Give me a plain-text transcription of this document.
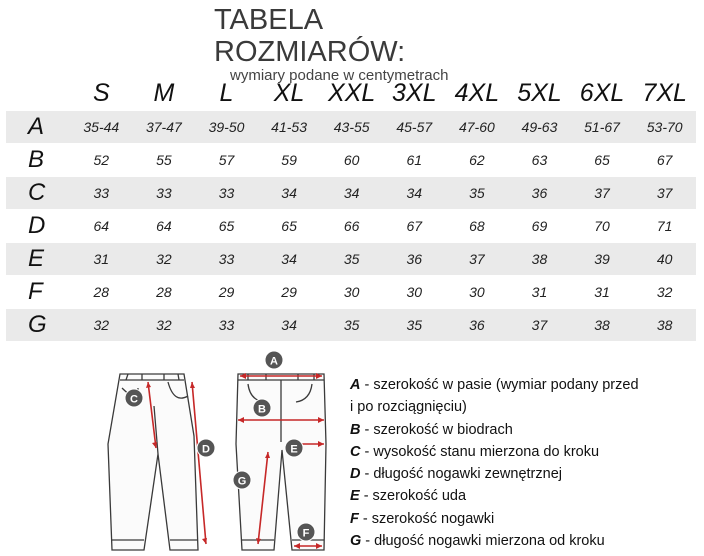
TABELA ROZMIARÓW:
wymiary podane w centymetrach
	S	M	L	XL	XXL	3XL	4XL	5XL	6XL	7XL
A	35-44	37-47	39-50	41-53	43-55	45-57	47-60	49-63	51-67	53-70
B	52	55	57	59	60	61	62	63	65	67
C	33	33	33	34	34	34	35	36	37	37
D	64	64	65	65	66	67	68	69	70	71
E	31	32	33	34	35	36	37	38	39	40
F	28	28	29	29	30	30	30	31	31	32
G	32	32	33	34	35	35	36	37	38	38
A
B
C
D	E
F
G
A - szerokość w pasie (wymiar podany przed
i po rozciągnięciu)
B - szerokość w biodrach
C - wysokość stanu mierzona do kroku
D - długość nogawki zewnętrznej
E - szerokość uda
F - szerokość nogawki
G - długość nogawki mierzona od kroku
